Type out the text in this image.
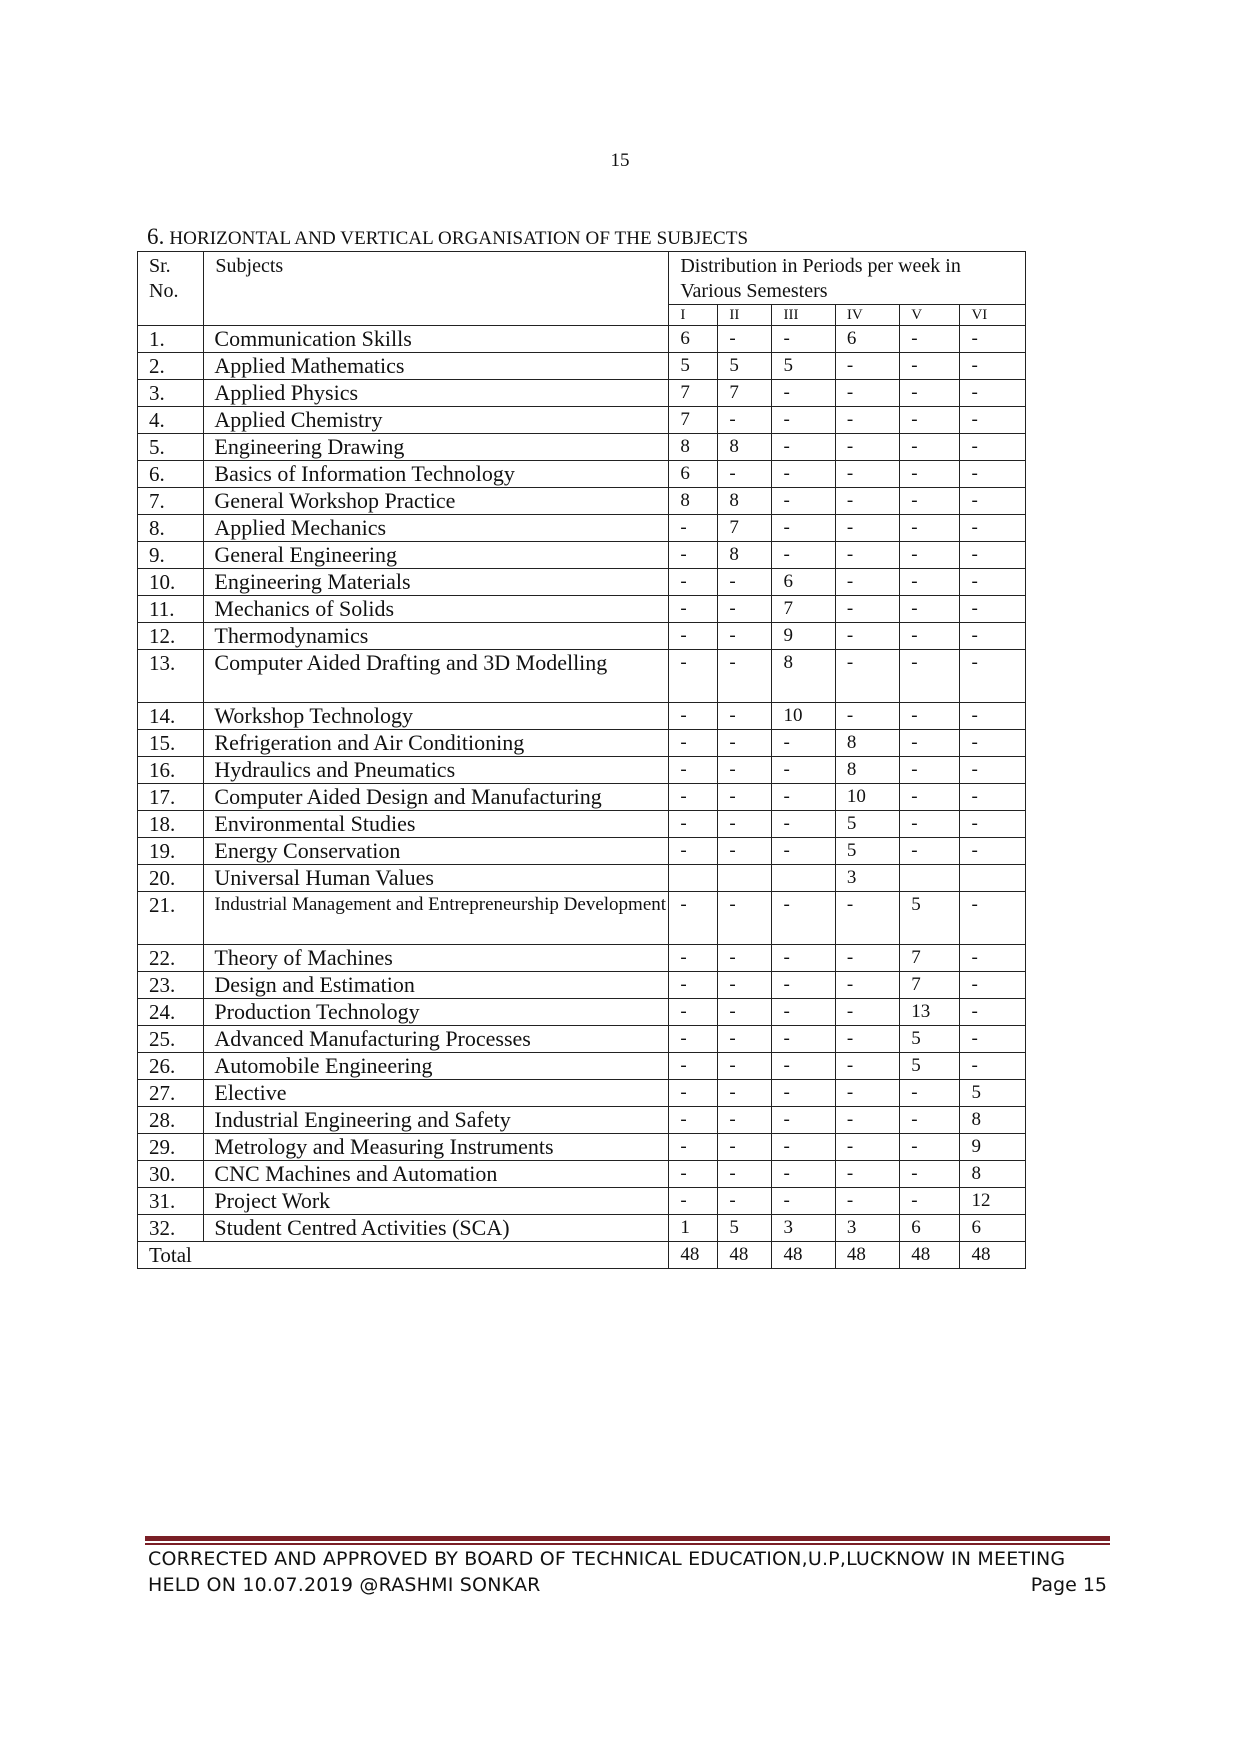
15
6. HORIZONTAL AND VERTICAL ORGANISATION OF THE SUBJECTS
Sr. No.	Subjects	Distribution in Periods per week in Various Semesters					
		I	II	III	IV	V	VI
1.	Communication Skills	6	-	-	6	-	-
2.	Applied Mathematics	5	5	5	-	-	-
3.	Applied Physics	7	7	-	-	-	-
4.	Applied Chemistry	7	-	-	-	-	-
5.	Engineering Drawing	8	8	-	-	-	-
6.	Basics of Information Technology	6	-	-	-	-	-
7.	General Workshop Practice	8	8	-	-	-	-
8.	Applied Mechanics	-	7	-	-	-	-
9.	General Engineering	-	8	-	-	-	-
10.	Engineering Materials	-	-	6	-	-	-
11.	Mechanics of Solids	-	-	7	-	-	-
12.	Thermodynamics	-	-	9	-	-	-
13.	Computer Aided Drafting and 3D Modelling	-	-	8	-	-	-
14.	Workshop Technology	-	-	10	-	-	-
15.	Refrigeration and Air Conditioning	-	-	-	8	-	-
16.	Hydraulics and Pneumatics	-	-	-	8	-	-
17.	Computer Aided Design and Manufacturing	-	-	-	10	-	-
18.	Environmental Studies	-	-	-	5	-	-
19.	Energy Conservation	-	-	-	5	-	-
20.	Universal Human Values				3		
21.	Industrial Management and Entrepreneurship Development	-	-	-	-	5	-
22.	Theory of Machines	-	-	-	-	7	-
23.	Design and Estimation	-	-	-	-	7	-
24.	Production Technology	-	-	-	-	13	-
25.	Advanced Manufacturing Processes	-	-	-	-	5	-
26.	Automobile Engineering	-	-	-	-	5	-
27.	Elective	-	-	-	-	-	5
28.	Industrial Engineering and Safety	-	-	-	-	-	8
29.	Metrology and Measuring Instruments	-	-	-	-	-	9
30.	CNC Machines and Automation	-	-	-	-	-	8
31.	Project Work	-	-	-	-	-	12
32.	Student Centred Activities (SCA)	1	5	3	3	6	6
Total		48	48	48	48	48	48
CORRECTED AND APPROVED BY BOARD OF TECHNICAL EDUCATION,U.P,LUCKNOW IN MEETING
HELD ON 10.07.2019 @RASHMI SONKAR	Page 15
